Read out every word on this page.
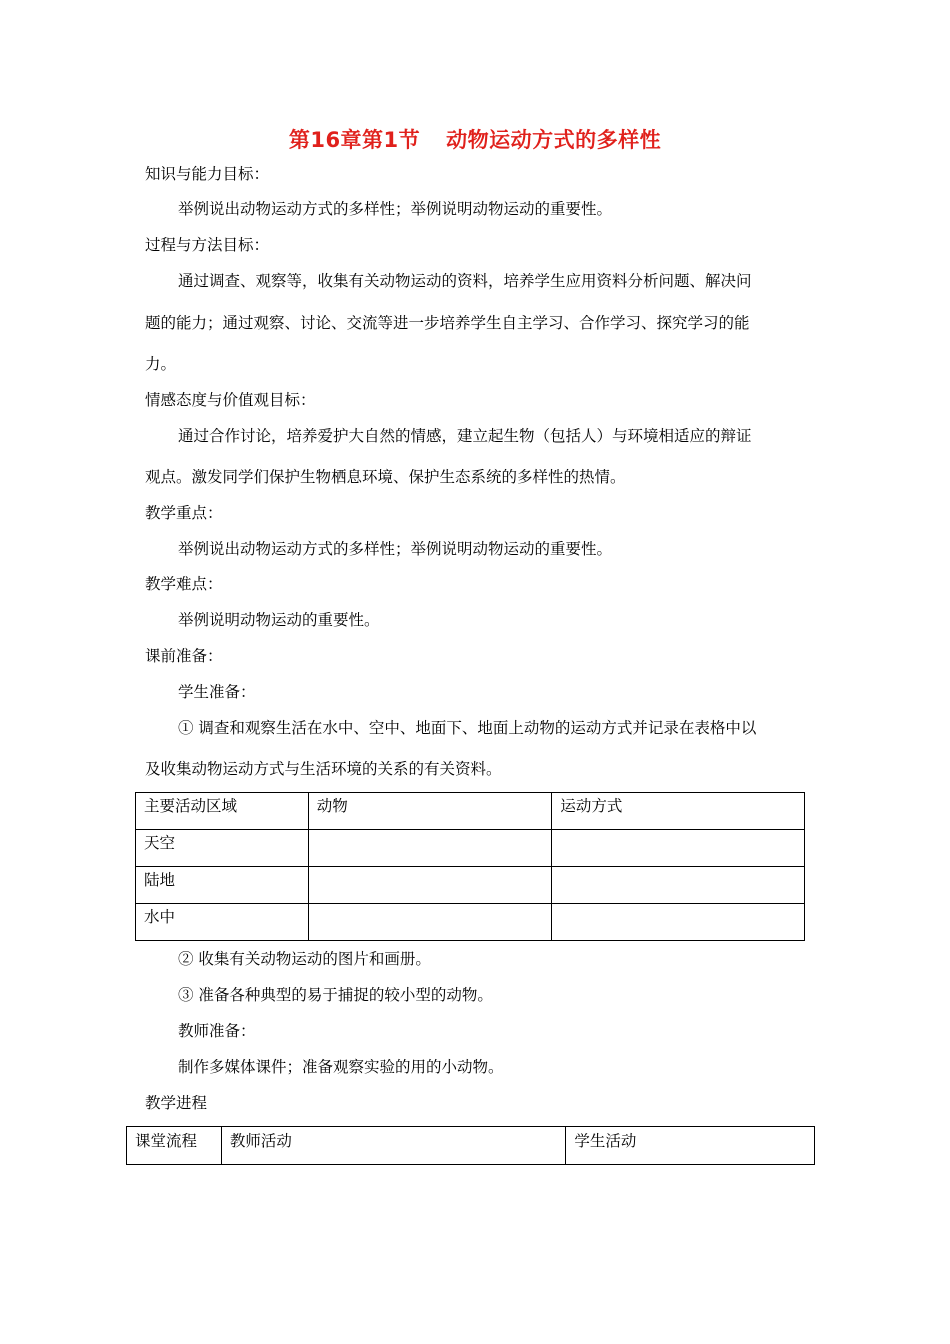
第16章第1节 动物运动方式的多样性
知识与能力目标：
举例说出动物运动方式的多样性；举例说明动物运动的重要性。
过程与方法目标：
通过调查、观察等，收集有关动物运动的资料，培养学生应用资料分析问题、解决问
题的能力；通过观察、讨论、交流等进一步培养学生自主学习、合作学习、探究学习的能
力。
情感态度与价值观目标：
通过合作讨论，培养爱护大自然的情感，建立起生物（包括人）与环境相适应的辩证
观点。激发同学们保护生物栖息环境、保护生态系统的多样性的热情。
教学重点：
举例说出动物运动方式的多样性；举例说明动物运动的重要性。
教学难点：
举例说明动物运动的重要性。
课前准备：
学生准备：
① 调查和观察生活在水中、空中、地面下、地面上动物的运动方式并记录在表格中以
及收集动物运动方式与生活环境的关系的有关资料。
主要活动区域	动物	运动方式
天空		
陆地		
水中		
② 收集有关动物运动的图片和画册。
③ 准备各种典型的易于捕捉的较小型的动物。
教师准备：
制作多媒体课件；准备观察实验的用的小动物。
教学进程
课堂流程	教师活动	学生活动
